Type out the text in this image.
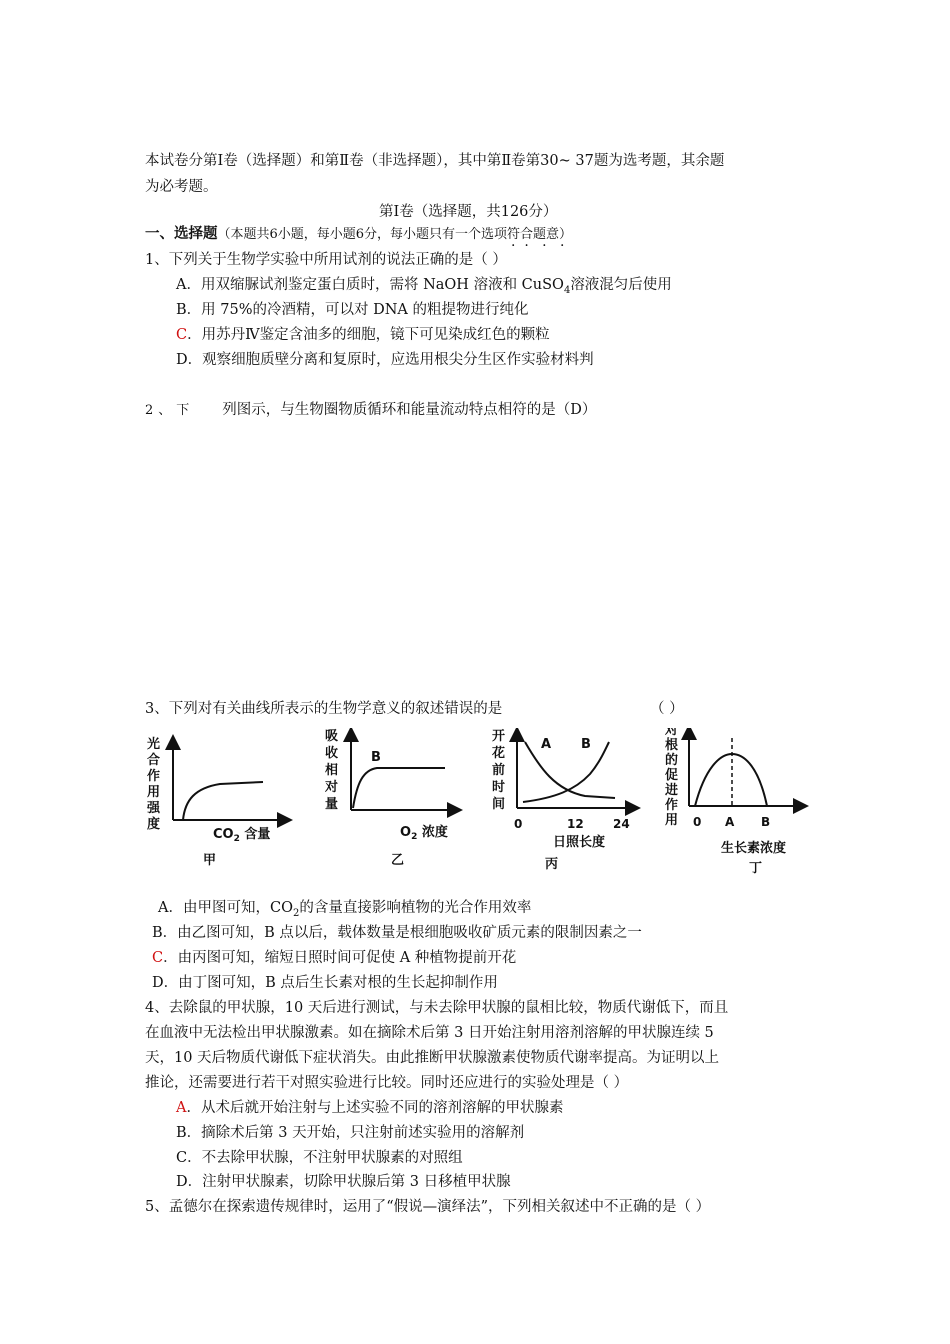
本试卷分第Ⅰ卷（选择题）和第Ⅱ卷（非选择题），其中第Ⅱ卷第30~ 37题为选考题，其余题
为必考题。
第Ⅰ卷（选择题，共126分）
一、选择题（本题共6小题，每小题6分，每小题只有一个选项符合题意）
·  ·   ·   ·
1、下列关于生物学实验中所用试剂的说法正确的是（ ）
A．用双缩脲试剂鉴定蛋白质时，需将 NaOH 溶液和 CuSO$_4$溶液混匀后使用
B．用 75%的冷酒精，可以对 DNA 的粗提物进行纯化
C．用苏丹Ⅳ鉴定含油多的细胞，镜下可见染成红色的颗粒
D．观察细胞质壁分离和复原时，应选用根尖分生区作实验材料判
2、下 列图示，与生物圈物质循环和能量流动特点相符的是（D）
3、下列对有关曲线所表示的生物学意义的叙述错误的是	（ ）
光
合
作
用
强
度
$CO_2$ 含量
甲
吸
收
相
对
量
B
$O_2$ 浓度
乙
开
花
前
时
间
A B
0	12 24
日照长度
丙
对
根
的
促
进
作
用 0 A B
生长素浓度
丁
A．由甲图可知，$CO_2$的含量直接影响植物的光合作用效率
B．由乙图可知，B 点以后，载体数量是根细胞吸收矿质元素的限制因素之一
C．由丙图可知，缩短日照时间可促使 A 种植物提前开花
D．由丁图可知，B 点后生长素对根的生长起抑制作用
4、去除鼠的甲状腺，10 天后进行测试，与未去除甲状腺的鼠相比较，物质代谢低下，而且
在血液中无法检出甲状腺激素。如在摘除术后第 3 日开始注射用溶剂溶解的甲状腺连续 5
天，10 天后物质代谢低下症状消失。由此推断甲状腺激素使物质代谢率提高。为证明以上
推论，还需要进行若干对照实验进行比较。同时还应进行的实验处理是（ ）
A．从术后就开始注射与上述实验不同的溶剂溶解的甲状腺素
B．摘除术后第 3 天开始，只注射前述实验用的溶解剂
C．不去除甲状腺，不注射甲状腺素的对照组
D．注射甲状腺素，切除甲状腺后第 3 日移植甲状腺
5、孟德尔在探索遗传规律时，运用了“假说—演绎法”，下列相关叙述中不正确的是（ ）
